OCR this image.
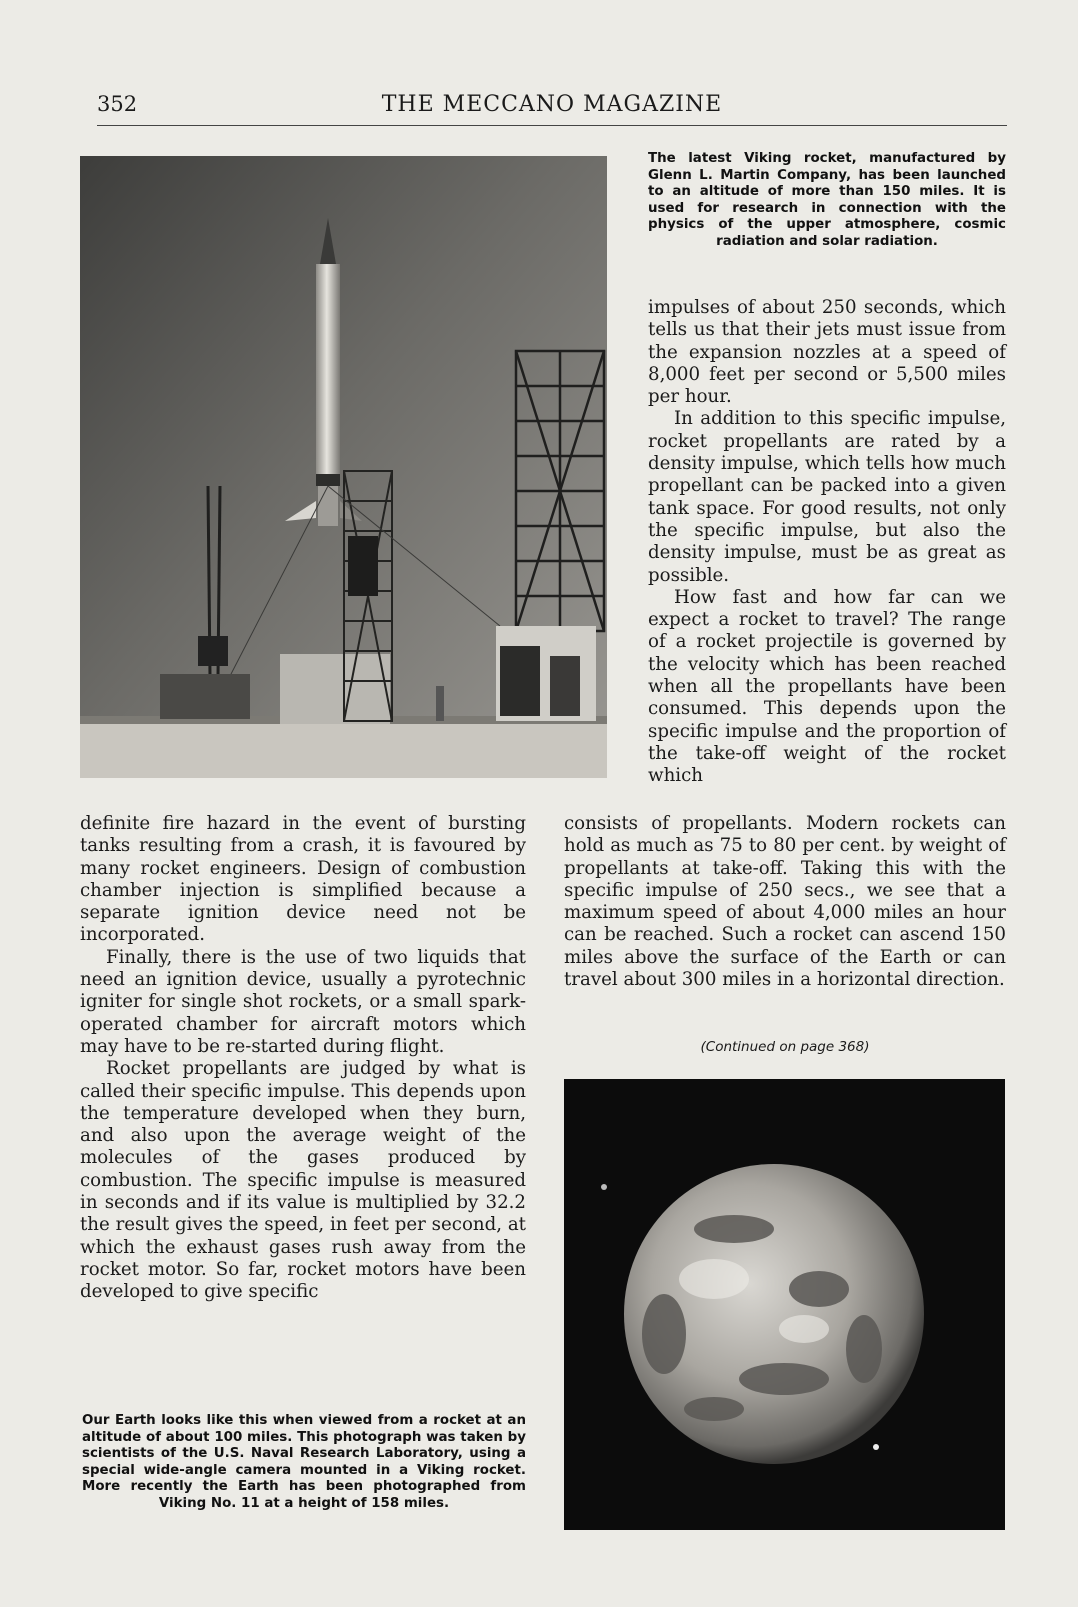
352	THE MECCANO MAGAZINE
The latest Viking rocket, manufactured by Glenn L. Martin Company, has been launched to an altitude of more than 150 miles. It is used for research in connection with the physics of the upper atmosphere, cosmic radiation and solar radiation.

impulses of about 250 seconds, which tells us that their jets must issue from the expansion nozzles at a speed of 8,000 feet per second or 5,500 miles per hour.

In addition to this specific impulse, rocket propellants are rated by a density impulse, which tells how much propellant can be packed into a given tank space. For good results, not only the specific impulse, but also the density impulse, must be as great as possible.

How fast and how far can we expect a rocket to travel? The range of a rocket projectile is governed by the velocity which has been reached when all the propellants have been consumed. This depends upon the specific impulse and the proportion of the take-off weight of the rocket which

definite fire hazard in the event of bursting tanks resulting from a crash, it is favoured by many rocket engineers. Design of combustion chamber injection is simplified because a separate ignition device need not be incorporated.

Finally, there is the use of two liquids that need an ignition device, usually a pyrotechnic igniter for single shot rockets, or a small spark-operated chamber for aircraft motors which may have to be re-started during flight.

Rocket propellants are judged by what is called their specific impulse. This depends upon the temperature developed when they burn, and also upon the average weight of the molecules of the gases produced by combustion. The specific impulse is measured in seconds and if its value is multiplied by 32.2 the result gives the speed, in feet per second, at which the exhaust gases rush away from the rocket motor. So far, rocket motors have been developed to give specific

consists of propellants. Modern rockets can hold as much as 75 to 80 per cent. by weight of propellants at take-off. Taking this with the specific impulse of 250 secs., we see that a maximum speed of about 4,000 miles an hour can be reached. Such a rocket can ascend 150 miles above the surface of the Earth or can travel about 300 miles in a horizontal direction.

(Continued on page 368)
Our Earth looks like this when viewed from a rocket at an altitude of about 100 miles. This photograph was taken by scientists of the U.S. Naval Research Laboratory, using a special wide-angle camera mounted in a Viking rocket. More recently the Earth has been photographed from Viking No. 11 at a height of 158 miles.
